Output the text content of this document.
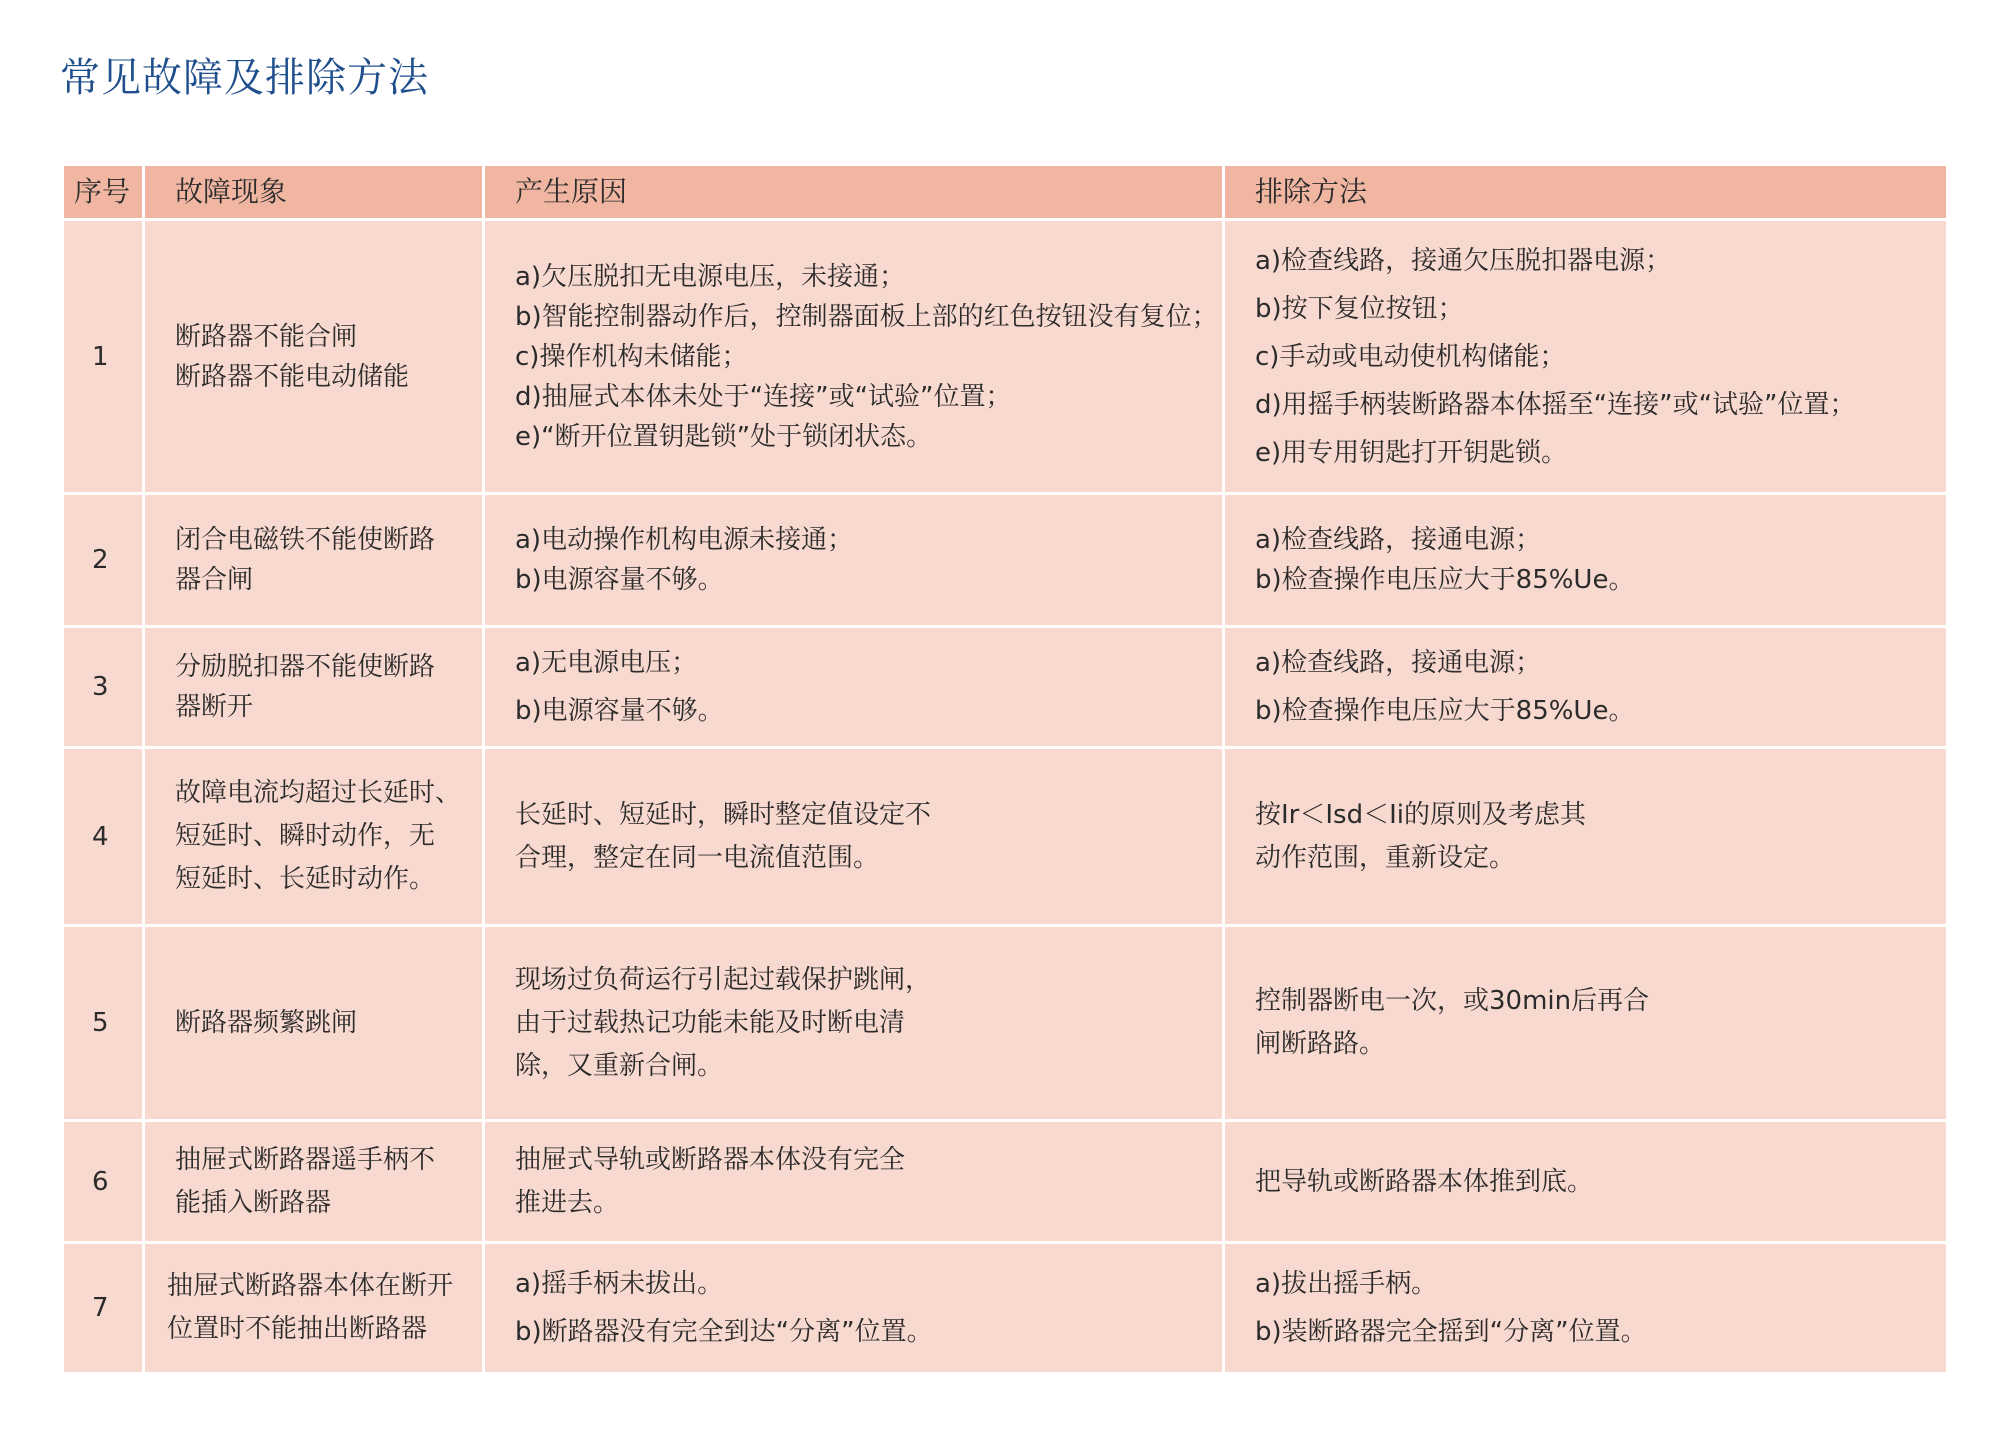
常见故障及排除方法
序号	故障现象	产生原因	排除方法
1	断路器不能合闸
断路器不能电动储能	a)欠压脱扣无电源电压，未接通；
b)智能控制器动作后，控制器面板上部的红色按钮没有复位；
c)操作机构未储能；
d)抽屉式本体未处于“连接”或“试验”位置；
e)“断开位置钥匙锁”处于锁闭状态。	a)检查线路，接通欠压脱扣器电源；
b)按下复位按钮；
c)手动或电动使机构储能；
d)用摇手柄装断路器本体摇至“连接”或“试验”位置；
e)用专用钥匙打开钥匙锁。

2	闭合电磁铁不能使断路
器合闸	a)电动操作机构电源未接通；
b)电源容量不够。	a)检查线路，接通电源；
b)检查操作电压应大于85%Ue。

3	分励脱扣器不能使断路
器断开	a)无电源电压；
b)电源容量不够。	a)检查线路，接通电源；
b)检查操作电压应大于85%Ue。

4	故障电流均超过长延时、
短延时、瞬时动作，无
短延时、长延时动作。	长延时、短延时，瞬时整定值设定不
合理，整定在同一电流值范围。	按Ir＜Isd＜Ii的原则及考虑其
动作范围，重新设定。

5	断路器频繁跳闸	现场过负荷运行引起过载保护跳闸，
由于过载热记功能未能及时断电清
除，又重新合闸。	控制器断电一次，或30min后再合
闸断路路。

6	抽屉式断路器遥手柄不
能插入断路器	抽屉式导轨或断路器本体没有完全
推进去。	把导轨或断路器本体推到底。

7	抽屉式断路器本体在断开
位置时不能抽出断路器	a)摇手柄未拔出。
b)断路器没有完全到达“分离”位置。	a)拔出摇手柄。
b)装断路器完全摇到“分离”位置。
